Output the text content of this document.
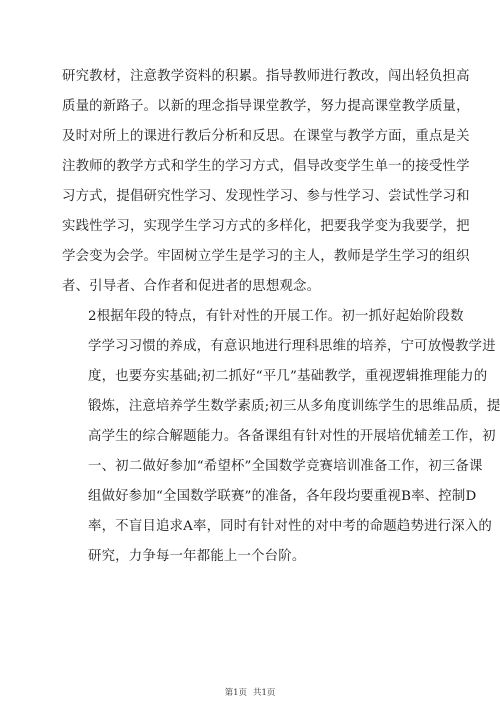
研究教材，注意教学资料的积累。指导教师进行教改，闯出轻负担高
质量的新路子。以新的理念指导课堂教学，努力提高课堂教学质量，
及时对所上的课进行教后分析和反思。在课堂与教学方面，重点是关
注教师的教学方式和学生的学习方式，倡导改变学生单一的接受性学
习方式，提倡研究性学习、发现性学习、参与性学习、尝试性学习和
实践性学习，实现学生学习方式的多样化，把要我学变为我要学，把
学会变为会学。牢固树立学生是学习的主人，教师是学生学习的组织
者、引导者、合作者和促进者的思想观念。

2根据年段的特点，有针对性的开展工作。初一抓好起始阶段数
学学习习惯的养成，有意识地进行理科思维的培养，宁可放慢教学进
度，也要夯实基础;初二抓好“平几”基础教学，重视逻辑推理能力的
锻炼，注意培养学生数学素质;初三从多角度训练学生的思维品质，提
高学生的综合解题能力。各备课组有针对性的开展培优辅差工作，初
一、初二做好参加“希望杯”全国数学竞赛培训准备工作，初三备课
组做好参加“全国数学联赛”的准备，各年段均要重视B率、控制D
率，不盲目追求A率，同时有针对性的对中考的命题趋势进行深入的
研究，力争每一年都能上一个台阶。

第1页 共1页
